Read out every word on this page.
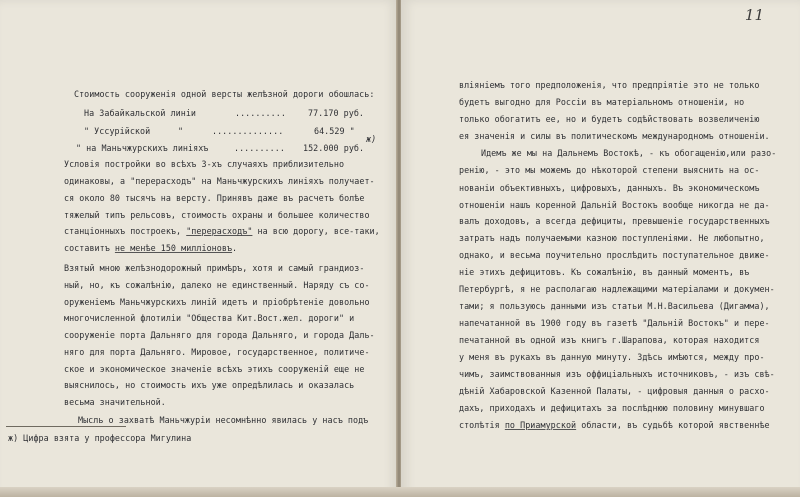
Стоимость сооруженiя одной версты желѣзной дороги обошлась:
На Забайкальской линiи	..........	77.170 руб.
" Уссурiйской	"	..............	64.529 "
" на Маньчжурскихъ линiяхъ	.......... 152.000 руб.
ж)
Условiя постройки во всѣхъ 3-хъ случаяхъ приблизительно
одинаковы, а "перерасходъ" на Маньчжурскихъ линiяхъ получает-
ся около 80 тысячъ на версту. Принявъ даже въ расчетъ болѣе
тяжелый типъ рельсовъ, стоимость охраны и большее количество
станцiонныхъ построекъ, "перерасходъ" на всю дорогу, все-таки,
составитъ не менѣе 150 миллiоновъ.
Взятый мною желѣзнодорожный примѣръ, хотя и самый грандиоз-
ный, но, къ сожалѣнiю, далеко не единственный. Наряду съ со-
оруженiемъ Маньчжурскихъ линiй идетъ и прiобрѣтенiе довольно
многочисленной флотилiи "Общества Кит.Вост.жел. дороги" и
сооруженiе порта Дальняго для города Дальняго, и города Даль-
няго для порта Дальняго. Мировое, государственное, политиче-
ское и экономическое значенiе всѣхъ этихъ сооруженiй еще не
выяснилось, но стоимость ихъ уже опредѣлилась и оказалась
весьма значительной.
Мысль о захватѣ Маньчжурiи несомнѣнно явилась у насъ подъ
ж) Цифра взята у профессора Мигулина
11
влiянiемъ того предположенiя, что предпрiятiе это не только
будетъ выгодно для Россiи въ матерiальномъ отношенiи, но
только обогатитъ ее, но и будетъ содѣйствовать возвеличенiю
ея значенiя и силы въ политическомъ международномъ отношенiи.
Идемъ же мы на Дальнемъ Востокѣ, - къ обогащенiю,или разо-
ренiю, - это мы можемъ до нѣкоторой степени выяснить на ос-
нованiи объективныхъ, цифровыхъ, данныхъ. Въ экономическомъ
отношенiи нашъ коренной Дальнiй Востокъ вообще никогда не да-
валъ доходовъ, а всегда дефициты, превышенiе государственныхъ
затратъ надъ получаемыми казною поступленiями. Не любопытно,
однако, и весьма поучительно прослѣдить поступательное движе-
нiе этихъ дефицитовъ. Къ сожалѣнiю, въ данный моментъ, въ
Петербургѣ, я не располагаю надлежащими матерiалами и докумен-
тами; я пользуюсь данными изъ статьи М.Н.Васильева (Дигамма),
напечатанной въ 1900 году въ газетѣ "Дальнiй Востокъ" и пере-
печатанной въ одной изъ книгъ г.Шарапова, которая находится
у меня въ рукахъ въ данную минуту. Здѣсь имѣются, между про-
чимъ, заимствованныя изъ оффицiальныхъ источниковъ, - изъ свѣ-
дѣнiй Хабаровской Казенной Палаты, - цифровыя данныя о расхо-
дахъ, приходахъ и дефицитахъ за послѣднюю половину минувшаго
столѣтiя по Приамурской области, въ судьбѣ которой явственнѣе
